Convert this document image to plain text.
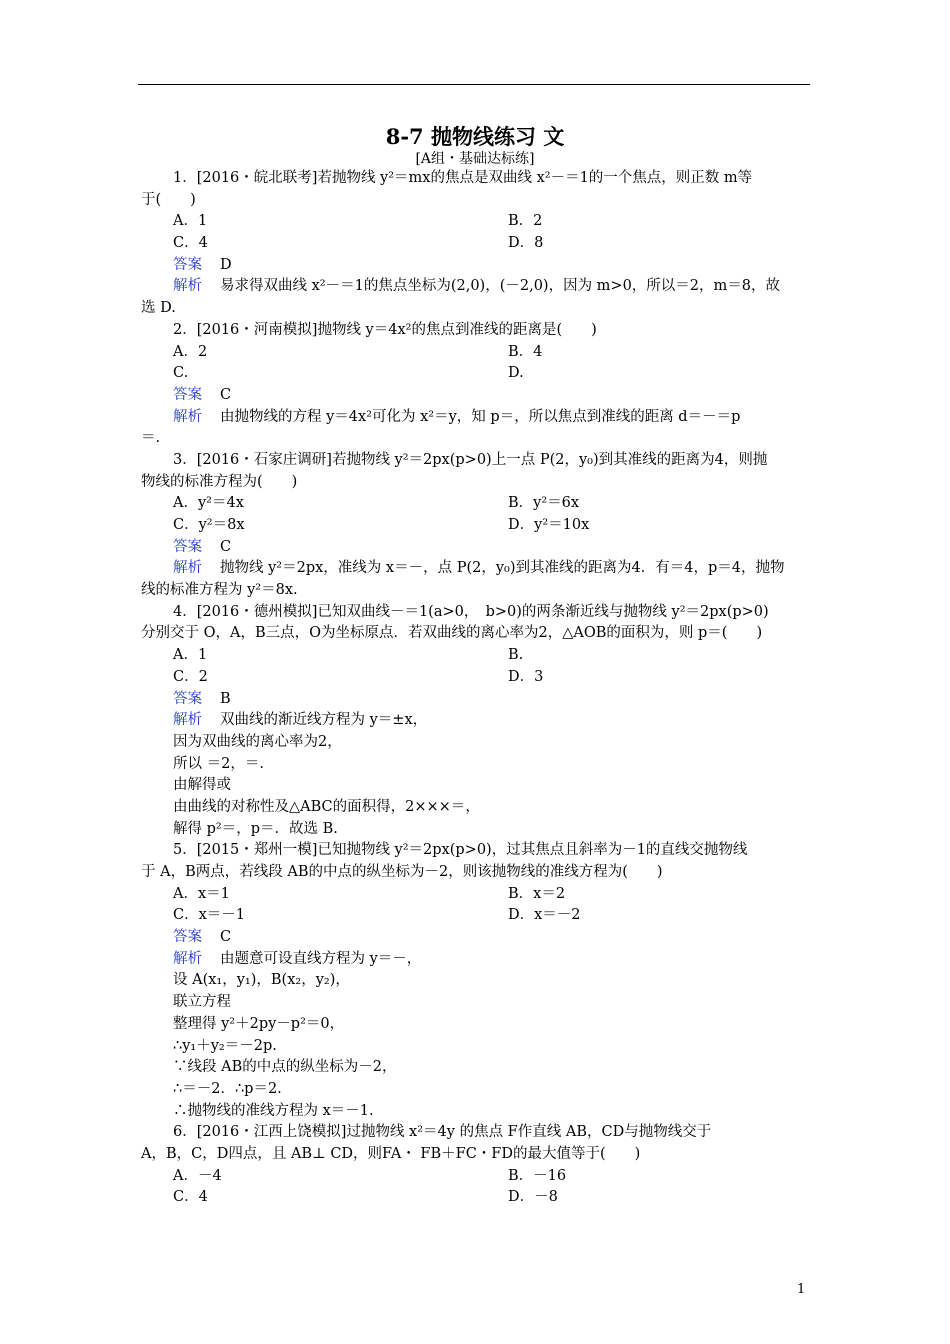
8-7 抛物线练习 文
[A组・基础达标练]
1．[2016・皖北联考]若抛物线 y²＝mx的焦点是双曲线 x²－＝1的一个焦点，则正数 m等
于(　　)
A．1	B．2
C．4	D．8
答案 D
解析 易求得双曲线 x²－＝1的焦点坐标为(2,0)，(－2,0)，因为 m>0，所以＝2，m＝8，故
选 D.
2．[2016・河南模拟]抛物线 y＝4x²的焦点到准线的距离是(　　)
A．2	B．4
C.	D.
答案 C
解析 由抛物线的方程 y＝4x²可化为 x²＝y，知 p＝，所以焦点到准线的距离 d＝－＝p
＝.
3．[2016・石家庄调研]若抛物线 y²＝2px(p>0)上一点 P(2，y₀)到其准线的距离为4，则抛
物线的标准方程为(　　)
A．y²＝4x	B．y²＝6x
C．y²＝8x	D．y²＝10x
答案 C
解析 抛物线 y²＝2px，准线为 x＝－，点 P(2，y₀)到其准线的距离为4．有＝4，p＝4，抛物
线的标准方程为 y²＝8x.
4．[2016・德州模拟]已知双曲线－＝1(a>0，　b>0)的两条渐近线与抛物线 y²＝2px(p>0)
分别交于 O，A，B三点，O为坐标原点．若双曲线的离心率为2，△AOB的面积为，则 p＝(　　)
A．1	B.
C．2	D．3
答案 B
解析 双曲线的渐近线方程为 y＝±x，
因为双曲线的离心率为2，
所以 ＝2，＝.
由解得或
由曲线的对称性及△ABC的面积得，2×××＝，
解得 p²＝，p＝．故选 B.
5．[2015・郑州一模]已知抛物线 y²＝2px(p>0)，过其焦点且斜率为－1的直线交抛物线
于 A，B两点，若线段 AB的中点的纵坐标为－2，则该抛物线的准线方程为(　　)
A．x＝1	B．x＝2
C．x＝－1	D．x＝－2
答案 C
解析 由题意可设直线方程为 y＝－，
设 A(x₁，y₁)，B(x₂，y₂)，
联立方程
整理得 y²＋2py－p²＝0，
∴y₁＋y₂＝－2p.
∵线段 AB的中点的纵坐标为－2，
∴＝－2．∴p＝2.
∴抛物线的准线方程为 x＝－1.
6．[2016・江西上饶模拟]过抛物线 x²＝4y 的焦点 F作直线 AB，CD与抛物线交于
A，B，C，D四点，且 AB⊥ CD，则FA・ FB＋FC・FD的最大值等于(　　)
A．－4	B．－16
C．4	D．－8
1
